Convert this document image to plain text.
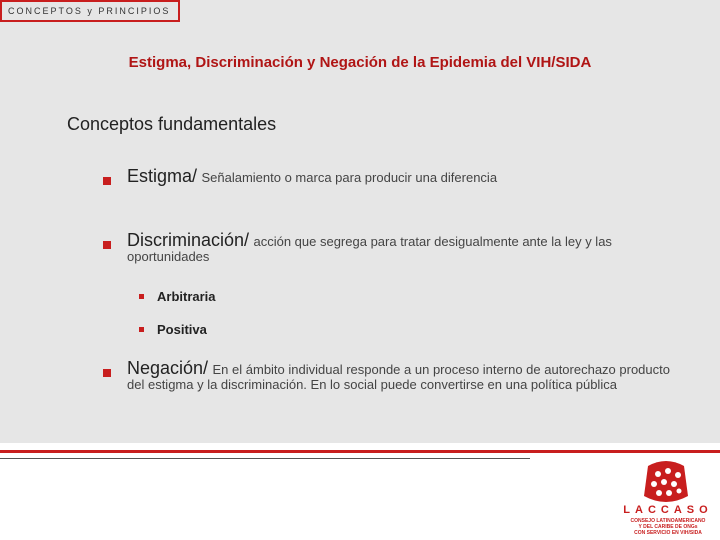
CONCEPTOS y PRINCIPIOS
Estigma, Discriminación y Negación de la Epidemia del VIH/SIDA
Conceptos fundamentales
Estigma/ Señalamiento o marca para producir una diferencia
Discriminación/ acción que segrega para tratar desigualmente ante la ley y las oportunidades
Arbitraria
Positiva
Negación/ En el ámbito individual responde a un proceso interno de autorechazo producto del estigma y la discriminación. En lo social puede convertirse en una política pública
LACCASO
CONSEJO LATINOAMERICANO
Y DEL CARIBE DE ONGs
CON SERVICIO EN VIH/SIDA
